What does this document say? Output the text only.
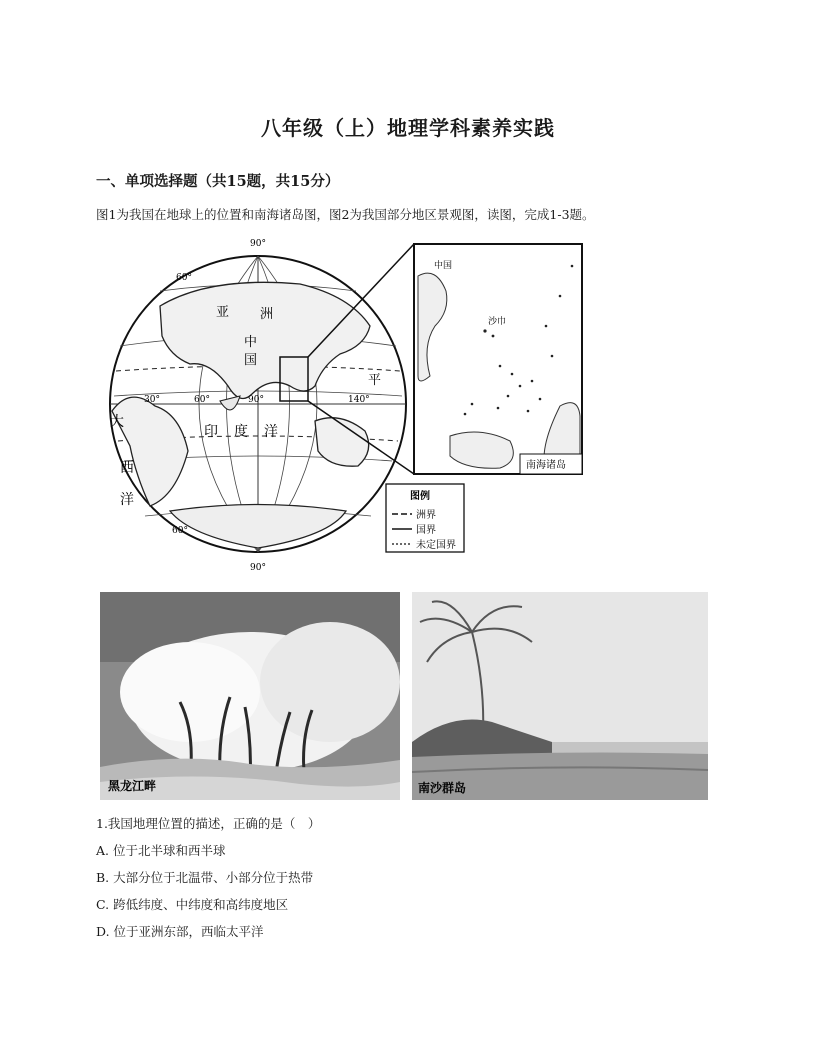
八年级（上）地理学科素养实践
一、单项选择题（共15题，共15分）
图1为我国在地球上的位置和南海诸岛图，图2为我国部分地区景观图，读图，完成1-3题。
90°
90°
60°
60°
30°	60°	90°	140°
亚 洲
中
国
印 度 洋
大
西
洋
平
中国
沙巾
南海诸岛
图例
洲界
国界
未定国界
黑龙江畔	南沙群岛
1.我国地理位置的描述，正确的是（　）
A. 位于北半球和西半球
B. 大部分位于北温带、小部分位于热带
C. 跨低纬度、中纬度和高纬度地区
D. 位于亚洲东部，西临太平洋
